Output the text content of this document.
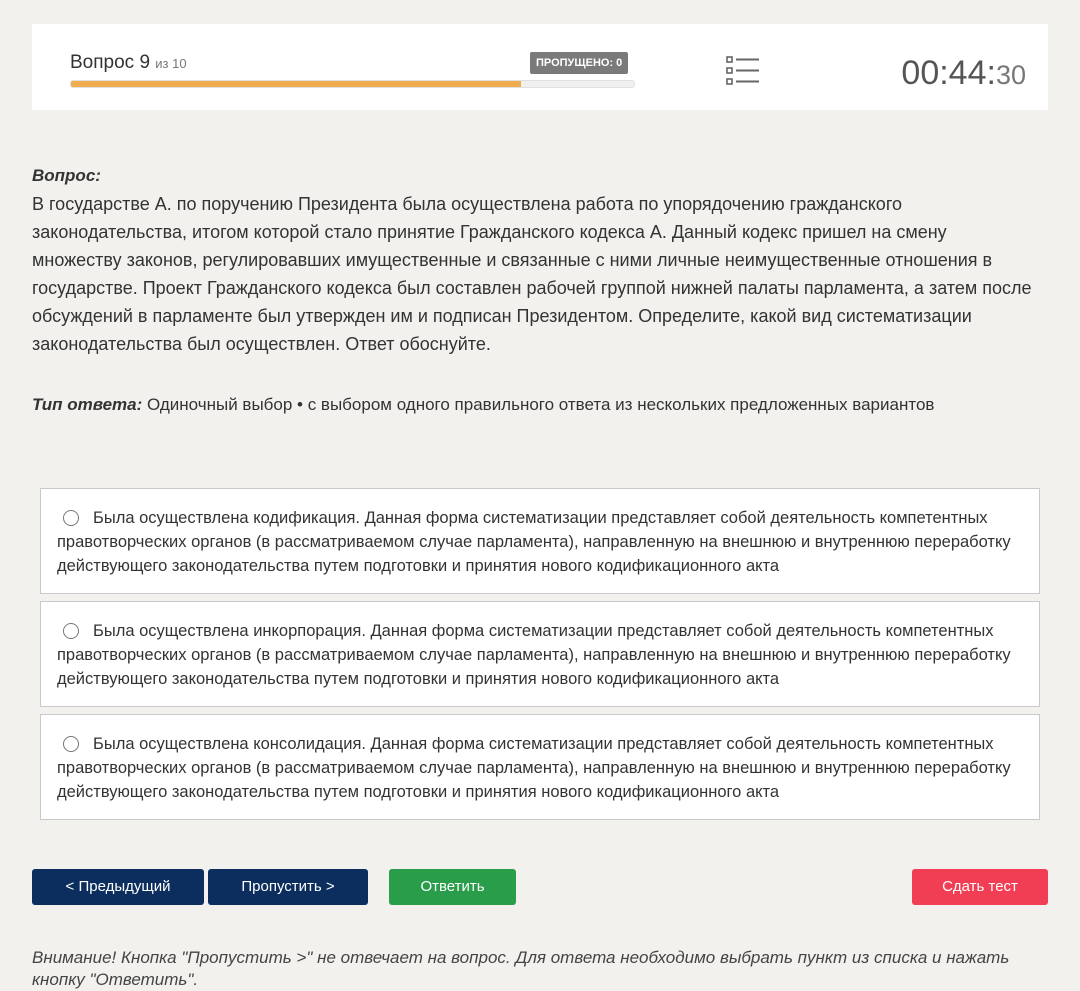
Вопрос 9 из 10	ПРОПУЩЕНО: 0	00:44:30
Вопрос:
В государстве А. по поручению Президента была осуществлена работа по упорядочению гражданского законодательства, итогом которой стало принятие Гражданского кодекса А. Данный кодекс пришел на смену множеству законов, регулировавших имущественные и связанные с ними личные неимущественные отношения в государстве. Проект Гражданского кодекса был составлен рабочей группой нижней палаты парламента, а затем после обсуждений в парламенте был утвержден им и подписан Президентом. Определите, какой вид систематизации законодательства был осуществлен. Ответ обоснуйте.
Тип ответа: Одиночный выбор • с выбором одного правильного ответа из нескольких предложенных вариантов
Была осуществлена кодификация. Данная форма систематизации представляет собой деятельность компетентных правотворческих органов (в рассматриваемом случае парламента), направленную на внешнюю и внутреннюю переработку действующего законодательства путем подготовки и принятия нового кодификационного акта
Была осуществлена инкорпорация. Данная форма систематизации представляет собой деятельность компетентных правотворческих органов (в рассматриваемом случае парламента), направленную на внешнюю и внутреннюю переработку действующего законодательства путем подготовки и принятия нового кодификационного акта
Была осуществлена консолидация. Данная форма систематизации представляет собой деятельность компетентных правотворческих органов (в рассматриваемом случае парламента), направленную на внешнюю и внутреннюю переработку действующего законодательства путем подготовки и принятия нового кодификационного акта
< Предыдущий	Пропустить >	Ответить	Сдать тест
Внимание! Кнопка "Пропустить >" не отвечает на вопрос. Для ответа необходимо выбрать пункт из списка и нажать кнопку "Ответить".
